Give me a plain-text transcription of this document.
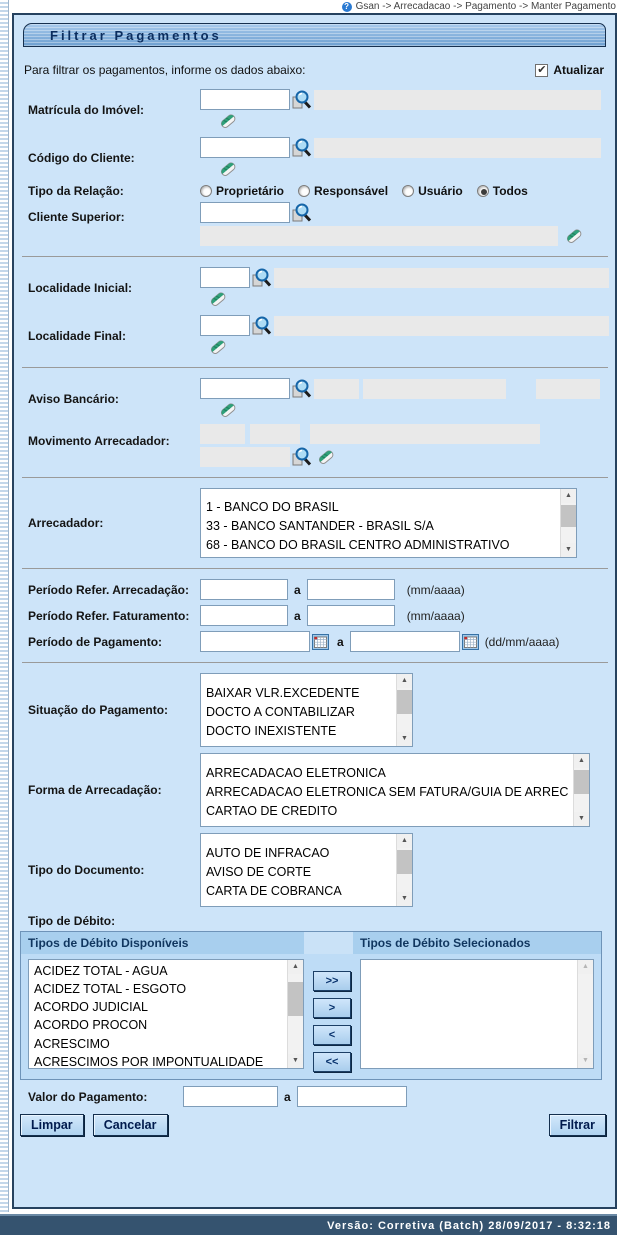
? Gsan -> Arrecadacao -> Pagamento -> Manter Pagamento
Filtrar Pagamentos
Para filtrar os pagamentos, informe os dados abaixo:	✔ Atualizar
Matrícula do Imóvel:
Código do Cliente:
Tipo da Relação:	Proprietário	Responsável	Usuário	Todos
Cliente Superior:
Localidade Inicial:
Localidade Final:
Aviso Bancário:
Movimento Arrecadador:
Arrecadador:
1 - BANCO DO BRASIL
33 - BANCO SANTANDER - BRASIL S/A
68 - BANCO DO BRASIL CENTRO ADMINISTRATIVO
▲
▼
Período Refer. Arrecadação:	a	(mm/aaaa)
Período Refer. Faturamento:	a	(mm/aaaa)
Período de Pagamento:	a	(dd/mm/aaaa)
Situação do Pagamento:
BAIXAR VLR.EXCEDENTE
DOCTO A CONTABILIZAR
DOCTO INEXISTENTE
▲
▼
Forma de Arrecadação:
ARRECADACAO ELETRONICA
ARRECADACAO ELETRONICA SEM FATURA/GUIA DE ARREC
CARTAO DE CREDITO
▲
▼
Tipo do Documento:
AUTO DE INFRACAO
AVISO DE CORTE
CARTA DE COBRANCA
▲
▼
Tipo de Débito:
Tipos de Débito Disponíveis	Tipos de Débito Selecionados
ACIDEZ TOTAL - AGUA
ACIDEZ TOTAL - ESGOTO
ACORDO JUDICIAL
ACORDO PROCON
ACRESCIMO
ACRESCIMOS POR IMPONTUALIDADE
▲
▼
>>
>
<
<<
▲
▼
Valor do Pagamento:	a
Limpar	Cancelar	Filtrar
Versão: Corretiva (Batch) 28/09/2017 - 8:32:18
